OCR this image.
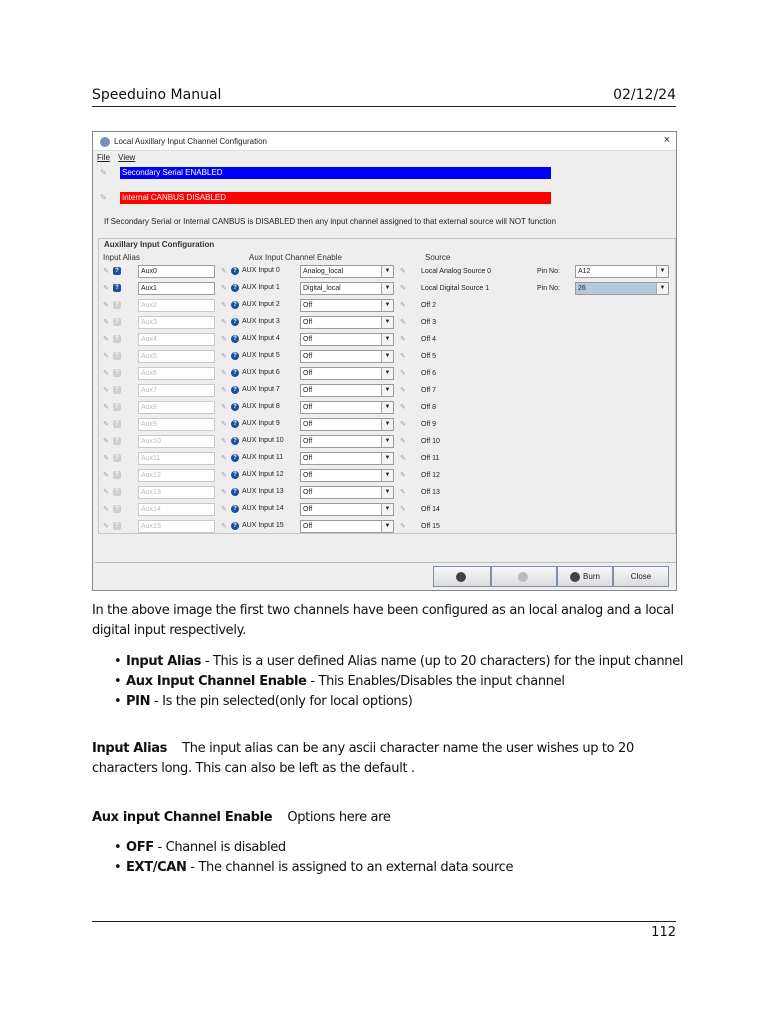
Speeduino Manual	02/12/24
Local Auxillary Input Channel Configuration	×
File View
✎	Secondary Serial ENABLED
✎	Internal CANBUS DISABLED
If Secondary Serial or Internal CANBUS is DISABLED then any input channel assigned to that external source will NOT function
Auxillary Input Configuration
Input Alias	Aux Input Channel Enable	Source
✎	?	Aux0	✎	? AUX Input 0	Analog_local	▼	✎ Local Analog Source 0	Pin No:	A12	▼
✎	?	Aux1	✎	? AUX Input 1	Digital_local	▼	✎ Local Digital Source 1	Pin No:	26	▼
✎	?	Aux2	✎	? AUX Input 2	Off	▼	✎ Off 2
✎	?	Aux3	✎	? AUX Input 3	Off	▼	✎ Off 3
✎	?	Aux4	✎	? AUX Input 4	Off	▼	✎ Off 4
✎	?	Aux5	✎	? AUX Input 5	Off	▼	✎ Off 5
✎	?	Aux6	✎	? AUX Input 6	Off	▼	✎ Off 6
✎	?	Aux7	✎	? AUX Input 7	Off	▼	✎ Off 7
✎	?	Aux8	✎	? AUX Input 8	Off	▼	✎ Off 8
✎	?	Aux9	✎	? AUX Input 9	Off	▼	✎ Off 9
✎	?	Aux10	✎	? AUX Input 10	Off	▼	✎ Off 10
✎	?	Aux11	✎	? AUX Input 11	Off	▼	✎ Off 11
✎	?	Aux12	✎	? AUX Input 12	Off	▼	✎ Off 12
✎	?	Aux13	✎	? AUX Input 13	Off	▼	✎ Off 13
✎	?	Aux14	✎	? AUX Input 14	Off	▼	✎ Off 14
✎	?	Aux15	✎	? AUX Input 15	Off	▼	✎ Off 15
Burn	Close
In the above image the first two channels have been configured as an local analog and a local digital input respectively.
• Input Alias - This is a user defined Alias name (up to 20 characters) for the input channel
• Aux Input Channel Enable - This Enables/Disables the input channel
• PIN - Is the pin selected(only for local options)
Input Alias The input alias can be any ascii character name the user wishes up to 20 characters long. This can also be left as the default .
Aux input Channel Enable Options here are
• OFF - Channel is disabled
• EXT/CAN - The channel is assigned to an external data source
112
